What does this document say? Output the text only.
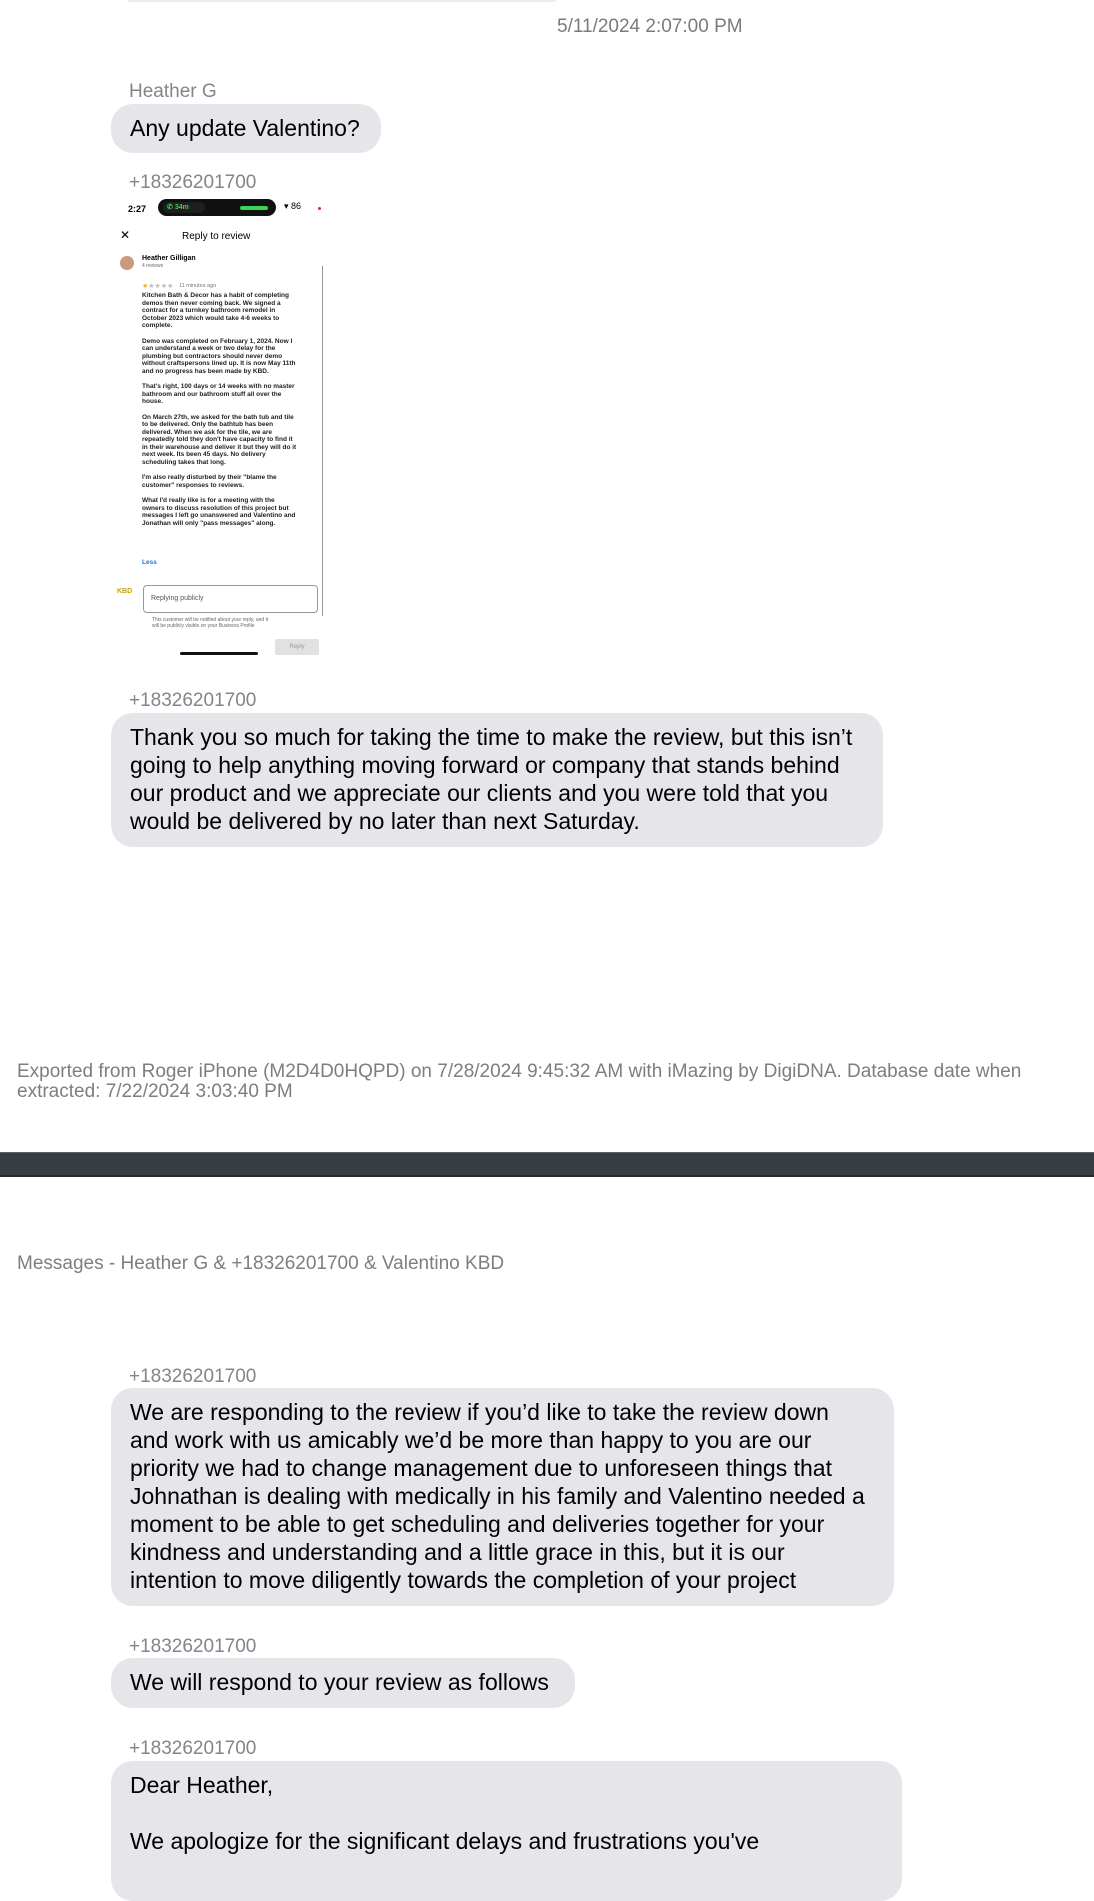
5/11/2024 2:07:00 PM
Heather G
Any update Valentino?
+18326201700
2:27	✆ 34m	▾ 86
✕	Reply to review
Heather Gilligan
4 reviews
★★★★★ 11 minutes ago
Kitchen Bath & Decor has a habit of completing
demos then never coming back. We signed a
contract for a turnkey bathroom remodel in
October 2023 which would take 4-6 weeks to
complete.

Demo was completed on February 1, 2024. Now I
can understand a week or two delay for the
plumbing but contractors should never demo
without craftspersons lined up. It is now May 11th
and no progress has been made by KBD.

That's right, 100 days or 14 weeks with no master
bathroom and our bathroom stuff all over the
house.

On March 27th, we asked for the bath tub and tile
to be delivered. Only the bathtub has been
delivered. When we ask for the tile, we are
repeatedly told they don't have capacity to find it
in their warehouse and deliver it but they will do it
next week. Its been 45 days. No delivery
scheduling takes that long.

I'm also really disturbed by their "blame the
customer" responses to reviews.

What I'd really like is for a meeting with the
owners to discuss resolution of this project but
messages I left go unanswered and Valentino and
Jonathan will only "pass messages" along.
Less
KBD
Replying publicly
This customer will be notified about your reply, and it
will be publicly visible on your Business Profile
Reply
+18326201700
Thank you so much for taking the time to make the review, but this isn’t
going to help anything moving forward or company that stands behind
our product and we appreciate our clients and you were told that you
would be delivered by no later than next Saturday.
Exported from Roger iPhone (M2D4D0HQPD) on 7/28/2024 9:45:32 AM with iMazing by DigiDNA. Database date when extracted: 7/22/2024 3:03:40 PM
Messages - Heather G & +18326201700 & Valentino KBD
+18326201700
We are responding to the review if you’d like to take the review down
and work with us amicably we’d be more than happy to you are our
priority we had to change management due to unforeseen things that
Johnathan is dealing with medically in his family and Valentino needed a
moment to be able to get scheduling and deliveries together for your
kindness and understanding and a little grace in this, but it is our
intention to move diligently towards the completion of your project
+18326201700
We will respond to your review as follows
+18326201700
Dear Heather,

We apologize for the significant delays and frustrations you've
